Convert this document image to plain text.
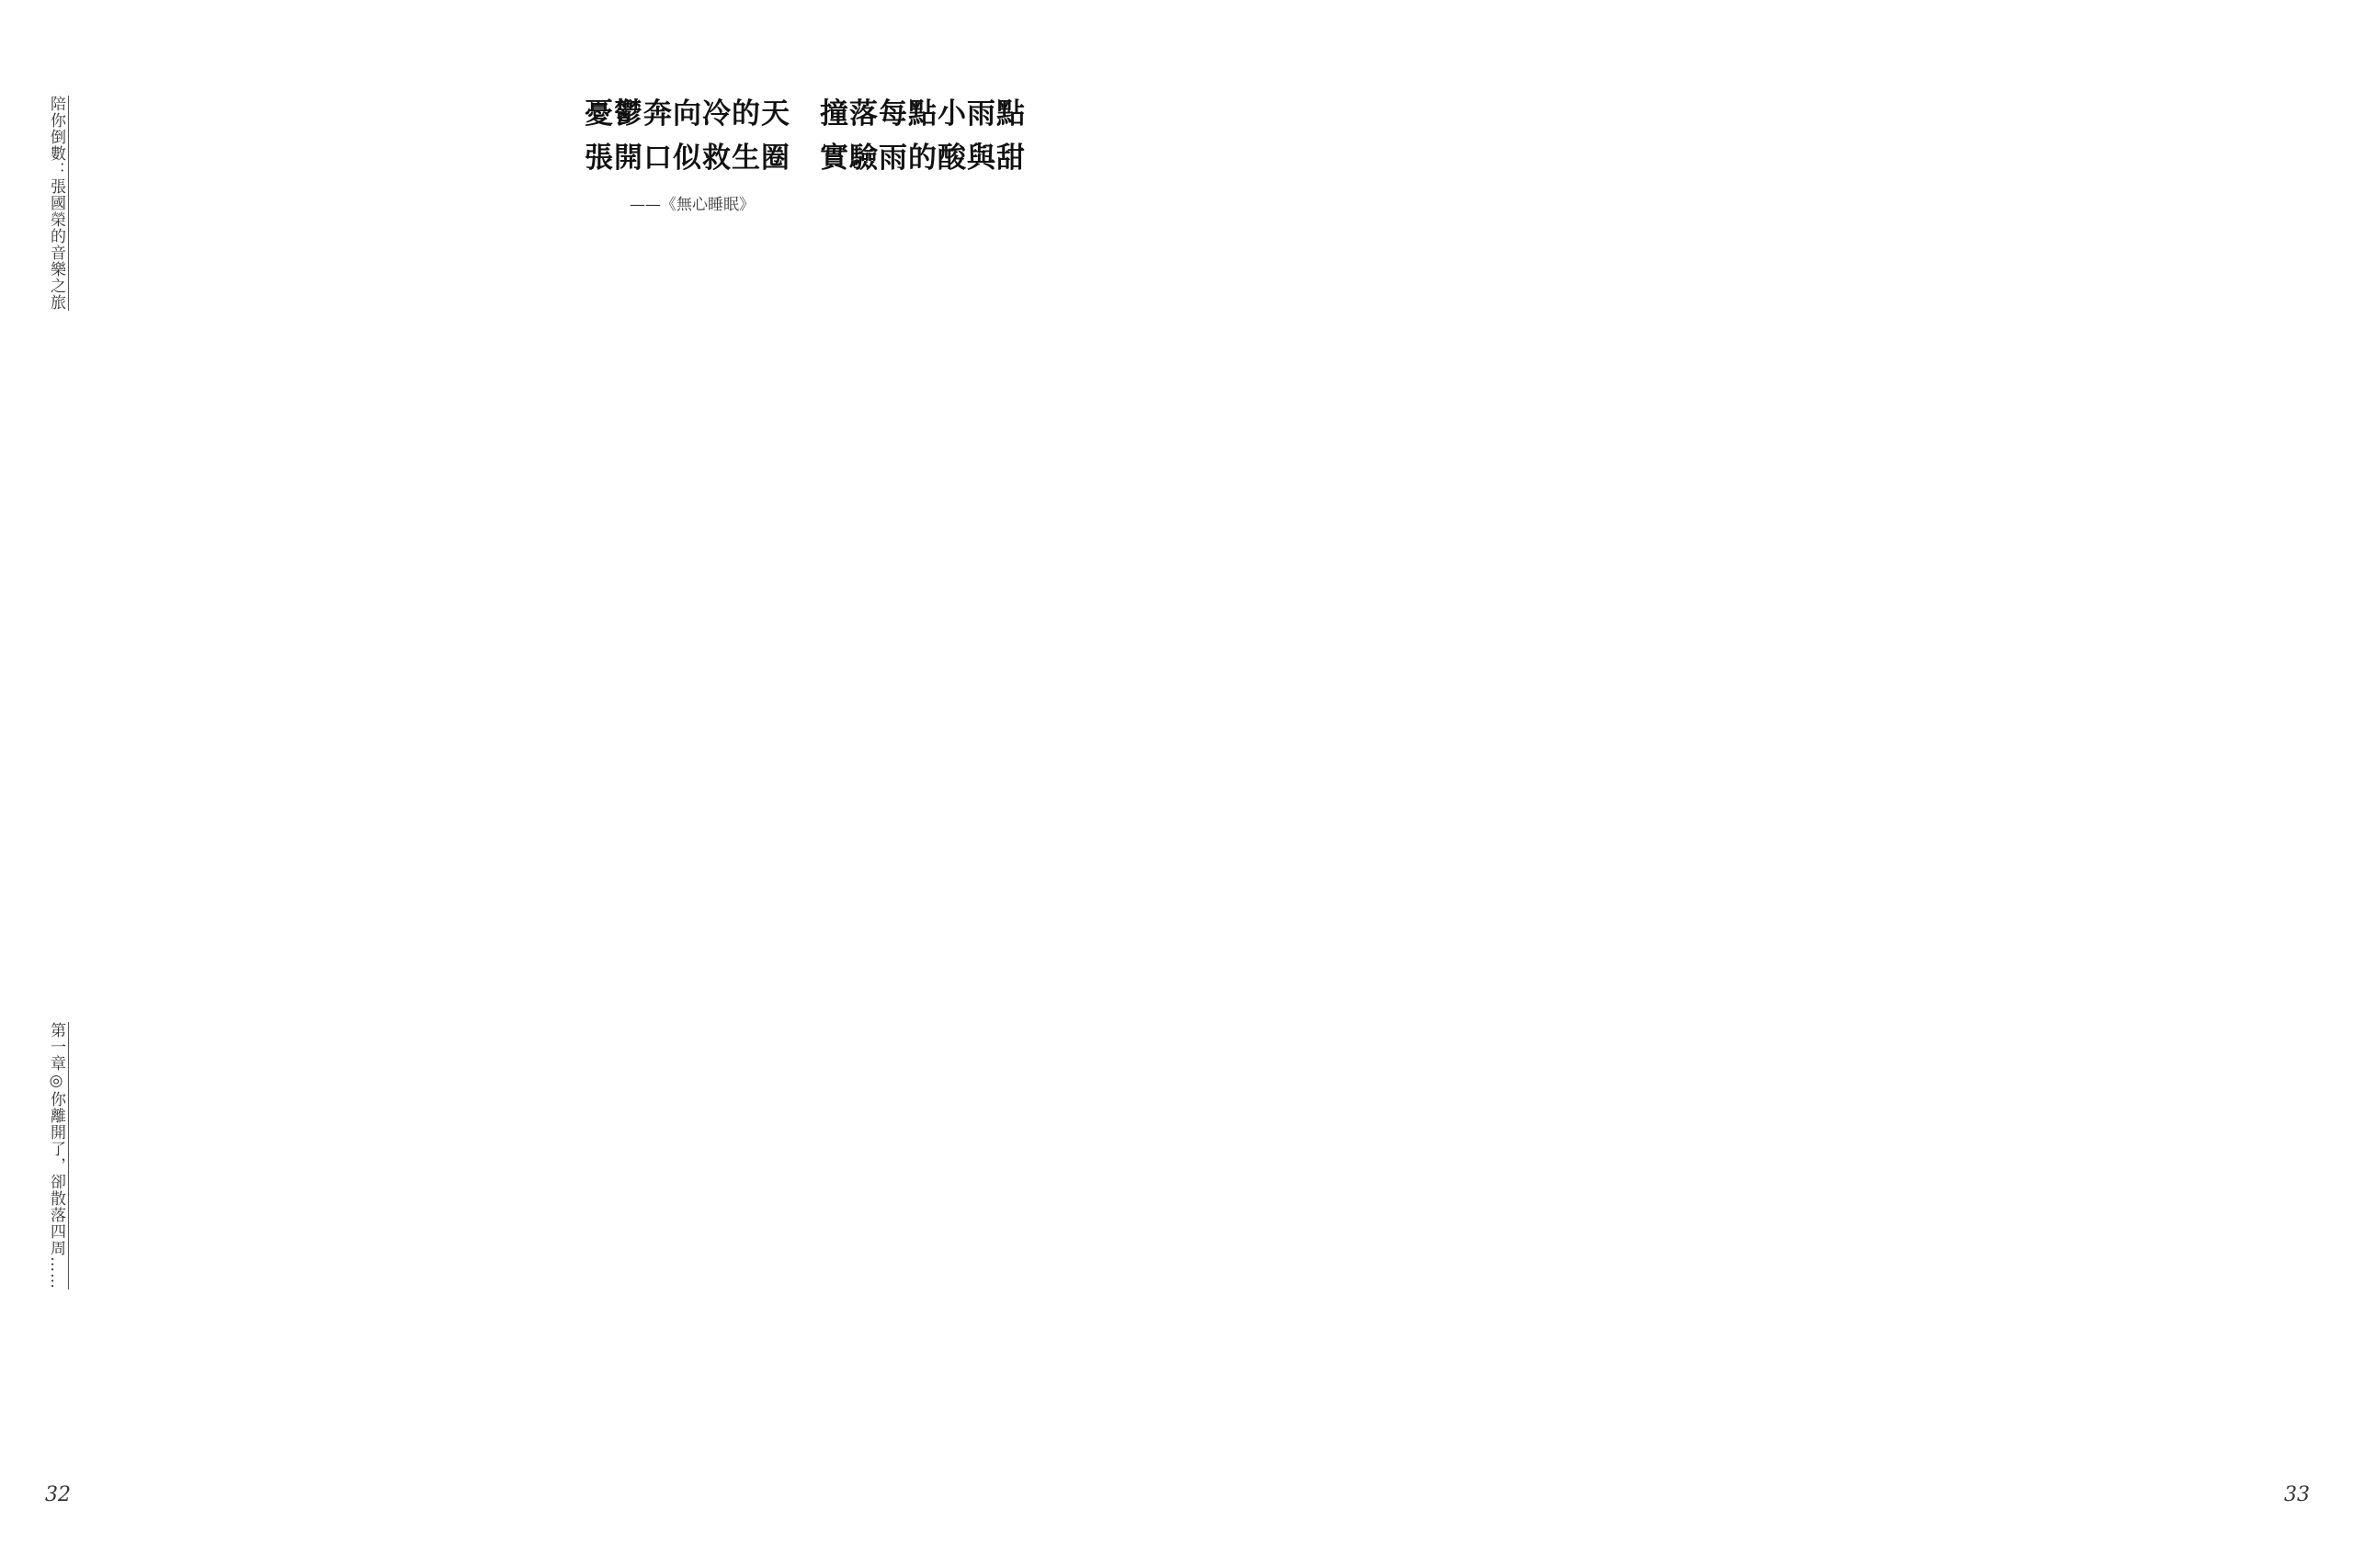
陪你倒數：張國榮的音樂之旅
第一章◎你離開了，卻散落四周……
憂鬱奔向冷的天 撞落每點小雨點
張開口似救生圈 實驗雨的酸與甜
——《無心睡眠》
32	33
